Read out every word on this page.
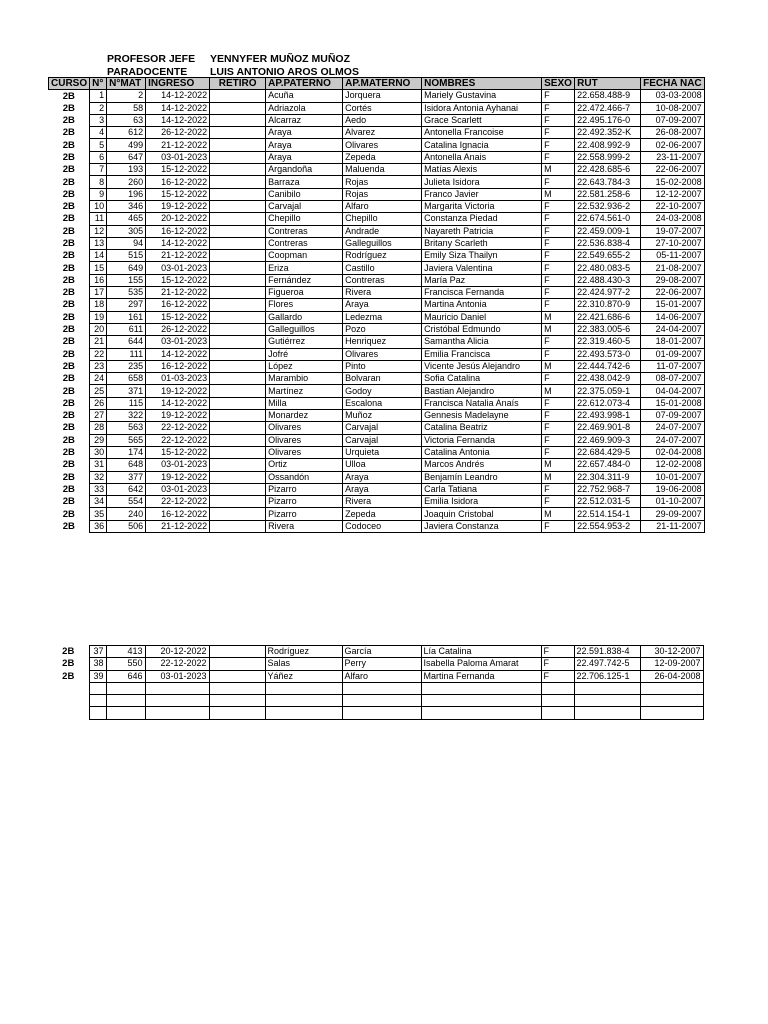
PROFESOR JEFE YENNYFER MUÑOZ MUÑOZ
PARADOCENTE LUIS ANTONIO AROS OLMOS
CURSO	N°	N°MAT	INGRESO	RETIRO	AP.PATERNO	AP.MATERNO	NOMBRES	SEXO	RUT	FECHA NAC
2B	1	2	14-12-2022		Acuña	Jorquera	Mariely Gustavina	F	22.658.488-9	03-03-2008
2B	2	58	14-12-2022		Adriazola	Cortés	Isidora Antonia Ayhanai	F	22.472.466-7	10-08-2007
2B	3	63	14-12-2022		Alcarraz	Aedo	Grace Scarlett	F	22.495.176-0	07-09-2007
2B	4	612	26-12-2022		Araya	Alvarez	Antonella Francoise	F	22.492.352-K	26-08-2007
2B	5	499	21-12-2022		Araya	Olivares	Catalina Ignacia	F	22.408.992-9	02-06-2007
2B	6	647	03-01-2023		Araya	Zepeda	Antonella Anais	F	22.558.999-2	23-11-2007
2B	7	193	15-12-2022		Argandoña	Maluenda	Matías Alexis	M	22.428.685-6	22-06-2007
2B	8	260	16-12-2022		Barraza	Rojas	Julieta Isidora	F	22.643.784-3	15-02-2008
2B	9	196	15-12-2022		Canibilo	Rojas	Franco Javier	M	22.581.258-6	12-12-2007
2B	10	346	19-12-2022		Carvajal	Alfaro	Margarita Victoria	F	22.532.936-2	22-10-2007
2B	11	465	20-12-2022		Chepillo	Chepillo	Constanza Piedad	F	22.674.561-0	24-03-2008
2B	12	305	16-12-2022		Contreras	Andrade	Nayareth Patricia	F	22.459.009-1	19-07-2007
2B	13	94	14-12-2022		Contreras	Galleguillos	Britany Scarleth	F	22.536.838-4	27-10-2007
2B	14	515	21-12-2022		Coopman	Rodríguez	Emily Siza Thailyn	F	22.549.655-2	05-11-2007
2B	15	649	03-01-2023		Eriza	Castillo	Javiera Valentina	F	22.480.083-5	21-08-2007
2B	16	155	15-12-2022		Fernández	Contreras	María Paz	F	22.488.430-3	29-08-2007
2B	17	535	21-12-2022		Figueroa	Rivera	Francisca Fernanda	F	22.424.977-2	22-06-2007
2B	18	297	16-12-2022		Flores	Araya	Martina Antonia	F	22.310.870-9	15-01-2007
2B	19	161	15-12-2022		Gallardo	Ledezma	Mauricio Daniel	M	22.421.686-6	14-06-2007
2B	20	611	26-12-2022		Galleguillos	Pozo	Cristóbal Edmundo	M	22.383.005-6	24-04-2007
2B	21	644	03-01-2023		Gutiérrez	Henriquez	Samantha Alicia	F	22.319.460-5	18-01-2007
2B	22	111	14-12-2022		Jofré	Olivares	Emilia Francisca	F	22.493.573-0	01-09-2007
2B	23	235	16-12-2022		López	Pinto	Vicente Jesús Alejandro	M	22.444.742-6	11-07-2007
2B	24	658	01-03-2023		Marambio	Bolvaran	Sofia Catalina	F	22.438.042-9	08-07-2007
2B	25	371	19-12-2022		Martínez	Godoy	Bastian Alejandro	M	22.375.059-1	04-04-2007
2B	26	115	14-12-2022		Milla	Escalona	Francisca Natalia Anaís	F	22.612.073-4	15-01-2008
2B	27	322	19-12-2022		Monardez	Muñoz	Gennesis Madelayne	F	22.493.998-1	07-09-2007
2B	28	563	22-12-2022		Olivares	Carvajal	Catalina Beatriz	F	22.469.901-8	24-07-2007
2B	29	565	22-12-2022		Olivares	Carvajal	Victoria Fernanda	F	22.469.909-3	24-07-2007
2B	30	174	15-12-2022		Olivares	Urquieta	Catalina Antonia	F	22.684.429-5	02-04-2008
2B	31	648	03-01-2023		Ortiz	Ulloa	Marcos Andrés	M	22.657.484-0	12-02-2008
2B	32	377	19-12-2022		Ossandón	Araya	Benjamín Leandro	M	22.304.311-9	10-01-2007
2B	33	642	03-01-2023		Pizarro	Araya	Carla Tatiana	F	22.752.968-7	19-06-2008
2B	34	554	22-12-2022		Pizarro	Rivera	Emilia Isidora	F	22.512.031-5	01-10-2007
2B	35	240	16-12-2022		Pizarro	Zepeda	Joaquin Cristobal	M	22.514.154-1	29-09-2007
2B	36	506	21-12-2022		Rivera	Codoceo	Javiera Constanza	F	22.554.953-2	21-11-2007
2B	37	413	20-12-2022		Rodríguez	García	Lía Catalina	F	22.591.838-4	30-12-2007
2B	38	550	22-12-2022		Salas	Perry	Isabella Paloma Amarat	F	22.497.742-5	12-09-2007
2B	39	646	03-01-2023		Yáñez	Alfaro	Martina Fernanda	F	22.706.125-1	26-04-2008
